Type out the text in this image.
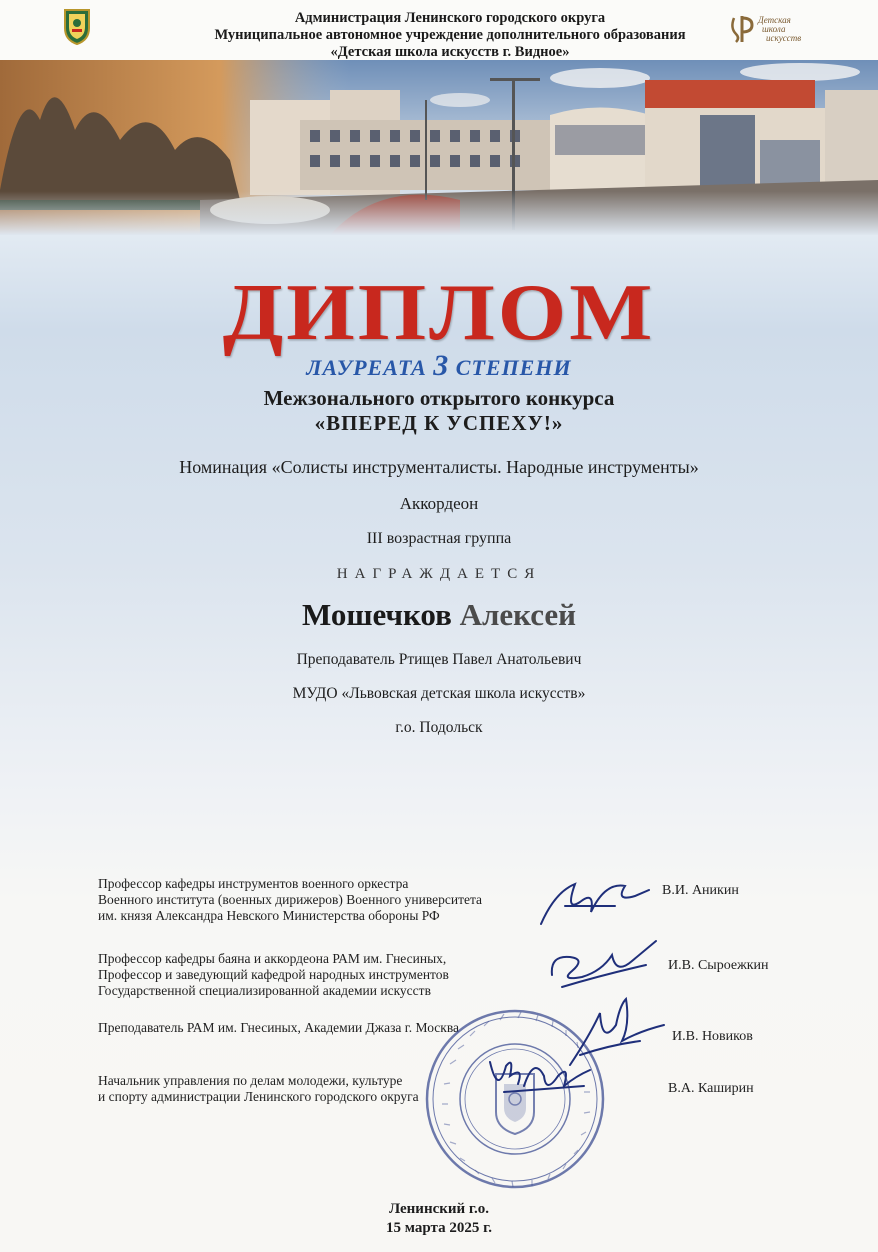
Администрация Ленинского городского округа
Муниципальное автономное учреждение дополнительного образования
«Детская школа искусств г. Видное»
Детская
школа
искусств
ДИПЛОМ
ЛАУРЕАТА 3 СТЕПЕНИ
Межзонального открытого конкурса
«ВПЕРЕД К УСПЕХУ!»
Номинация «Солисты инструменталисты. Народные инструменты»
Аккордеон
III возрастная группа
НАГРАЖДАЕТСЯ
Мошечков Алексей
Преподаватель Ртищев Павел Анатольевич
МУДО «Львовская детская школа искусств»
г.о. Подольск
Профессор кафедры инструментов военного оркестра
Военного института (военных дирижеров) Военного университета
им. князя Александра Невского Министерства обороны РФ
В.И. Аникин
Профессор кафедры баяна и аккордеона РАМ им. Гнесиных,
Профессор и заведующий кафедрой народных инструментов
Государственной специализированной академии искусств
И.В. Сыроежкин
Преподаватель РАМ им. Гнесиных, Академии Джаза г. Москва
И.В. Новиков
Начальник управления по делам молодежи, культуре
и спорту администрации Ленинского городского округа
В.А. Каширин
Ленинский г.о.
15 марта 2025 г.
